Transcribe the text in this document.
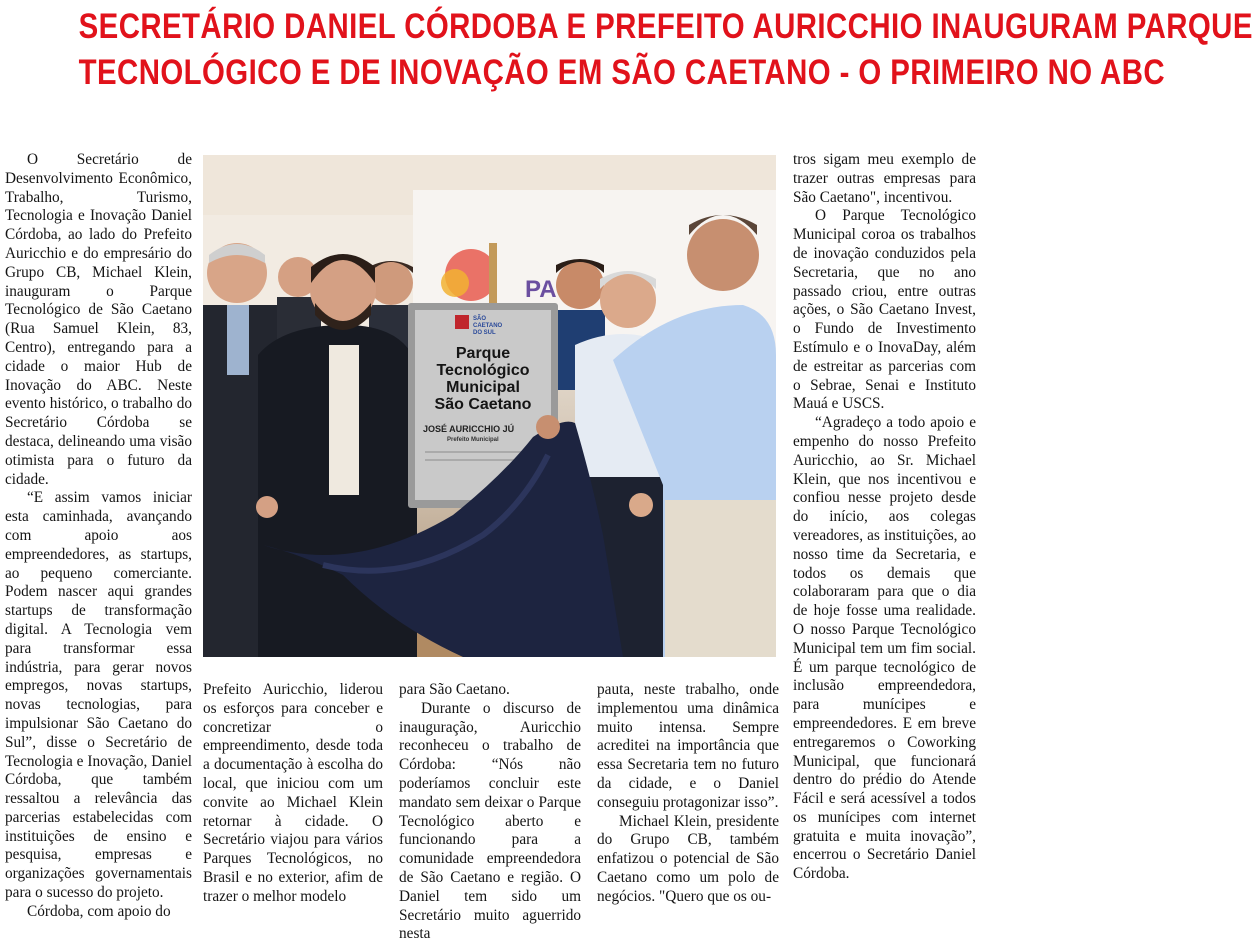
SECRETÁRIO DANIEL CÓRDOBA E PREFEITO AURICCHIO INAUGURAM PARQUE
TECNOLÓGICO E DE INOVAÇÃO EM SÃO CAETANO - O PRIMEIRO NO ABC

O Secretário de Desenvolvimento Econômico, Trabalho, Turismo, Tecnologia e Inovação Daniel Córdoba, ao lado do Prefeito Auricchio e do empresário do Grupo CB, Michael Klein, inauguram o Parque Tecnológico de São Caetano (Rua Samuel Klein, 83, Centro), entregando para a cidade o maior Hub de Inovação do ABC. Neste evento histórico, o trabalho do Secretário Córdoba se destaca, delineando uma visão otimista para o futuro da cidade.

“E assim vamos iniciar esta caminhada, avançando com apoio aos empreendedores, as startups, ao pequeno comerciante. Podem nascer aqui grandes startups de transformação digital. A Tecnologia vem para transformar essa indústria, para gerar novos empregos, novas startups, novas tecnologias, para impulsionar São Caetano do Sul”, disse o Secretário de Tecnologia e Inovação, Daniel Córdoba, que também ressaltou a relevância das parcerias estabelecidas com instituições de ensino e pesquisa, empresas e organizações governamentais para o sucesso do projeto.

Córdoba, com apoio do

PA
SÃO
CAETANO
DO SUL
Parque
Tecnológico
Municipal
São Caetano
JOSÉ AURICCHIO JÚ
Prefeito Municipal

Prefeito Auricchio, liderou os esforços para conceber e concretizar o empreendimento, desde toda a documentação à escolha do local, que iniciou com um convite ao Michael Klein retornar à cidade. O Secretário viajou para vários Parques Tecnológicos, no Brasil e no exterior, afim de trazer o melhor modelo

para São Caetano.

Durante o discurso de inauguração, Auricchio reconheceu o trabalho de Córdoba: “Nós não poderíamos concluir este mandato sem deixar o Parque Tecnológico aberto e funcionando para a comunidade empreendedora de São Caetano e região. O Daniel tem sido um Secretário muito aguerrido nesta

pauta, neste trabalho, onde implementou uma dinâmica muito intensa. Sempre acreditei na importância que essa Secretaria tem no futuro da cidade, e o Daniel conseguiu protagonizar isso”.

Michael Klein, presidente do Grupo CB, também enfatizou o potencial de São Caetano como um polo de negócios. "Quero que os ou-

tros sigam meu exemplo de trazer outras empresas para São Caetano", incentivou.

O Parque Tecnológico Municipal coroa os trabalhos de inovação conduzidos pela Secretaria, que no ano passado criou, entre outras ações, o São Caetano Invest, o Fundo de Investimento Estímulo e o InovaDay, além de estreitar as parcerias com o Sebrae, Senai e Instituto Mauá e USCS.

“Agradeço a todo apoio e empenho do nosso Prefeito Auricchio, ao Sr. Michael Klein, que nos incentivou e confiou nesse projeto desde do início, aos colegas vereadores, as instituições, ao nosso time da Secretaria, e todos os demais que colaboraram para que o dia de hoje fosse uma realidade. O nosso Parque Tecnológico Municipal tem um fim social. É um parque tecnológico de inclusão empreendedora, para munícipes e empreendedores. E em breve entregaremos o Coworking Municipal, que funcionará dentro do prédio do Atende Fácil e será acessível a todos os munícipes com internet gratuita e muita inovação”, encerrou o Secretário Daniel Córdoba.
